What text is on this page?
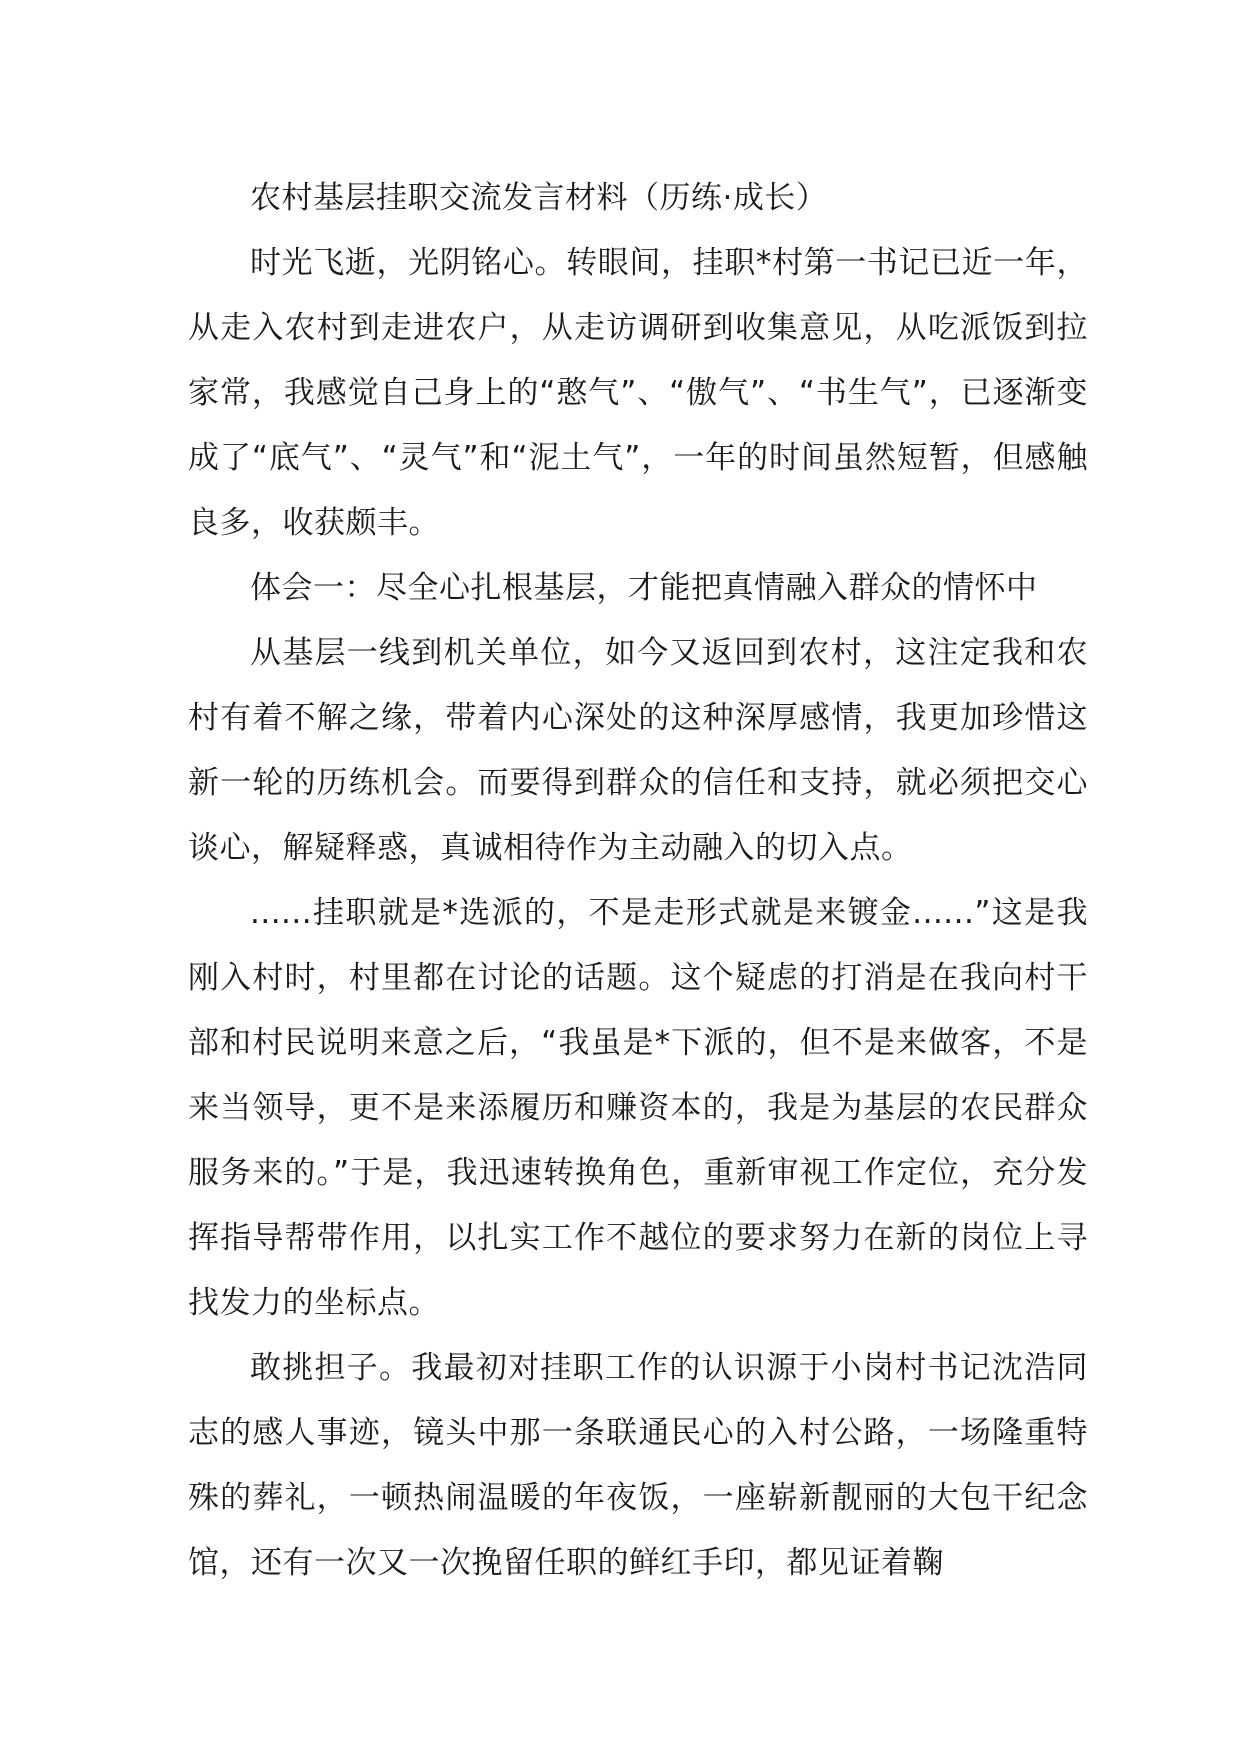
农村基层挂职交流发言材料（历练·成长）

时光飞逝，光阴铭心。转眼间，挂职*村第一书记已近一年，从走入农村到走进农户，从走访调研到收集意见，从吃派饭到拉家常，我感觉自己身上的“憨气”、“傲气”、“书生气”，已逐渐变成了“底气”、“灵气”和“泥土气”，一年的时间虽然短暂，但感触良多，收获颇丰。

体会一：尽全心扎根基层，才能把真情融入群众的情怀中

从基层一线到机关单位，如今又返回到农村，这注定我和农村有着不解之缘，带着内心深处的这种深厚感情，我更加珍惜这新一轮的历练机会。而要得到群众的信任和支持，就必须把交心谈心，解疑释惑，真诚相待作为主动融入的切入点。

......挂职就是*选派的，不是走形式就是来镀金......”这是我刚入村时，村里都在讨论的话题。这个疑虑的打消是在我向村干部和村民说明来意之后，“我虽是*下派的，但不是来做客，不是来当领导，更不是来添履历和赚资本的，我是为基层的农民群众服务来的。”于是，我迅速转换角色，重新审视工作定位，充分发挥指导帮带作用，以扎实工作不越位的要求努力在新的岗位上寻找发力的坐标点。

敢挑担子。我最初对挂职工作的认识源于小岗村书记沈浩同志的感人事迹，镜头中那一条联通民心的入村公路，一场隆重特殊的葬礼，一顿热闹温暖的年夜饭，一座崭新靓丽的大包干纪念馆，还有一次又一次挽留任职的鲜红手印，都见证着鞠
